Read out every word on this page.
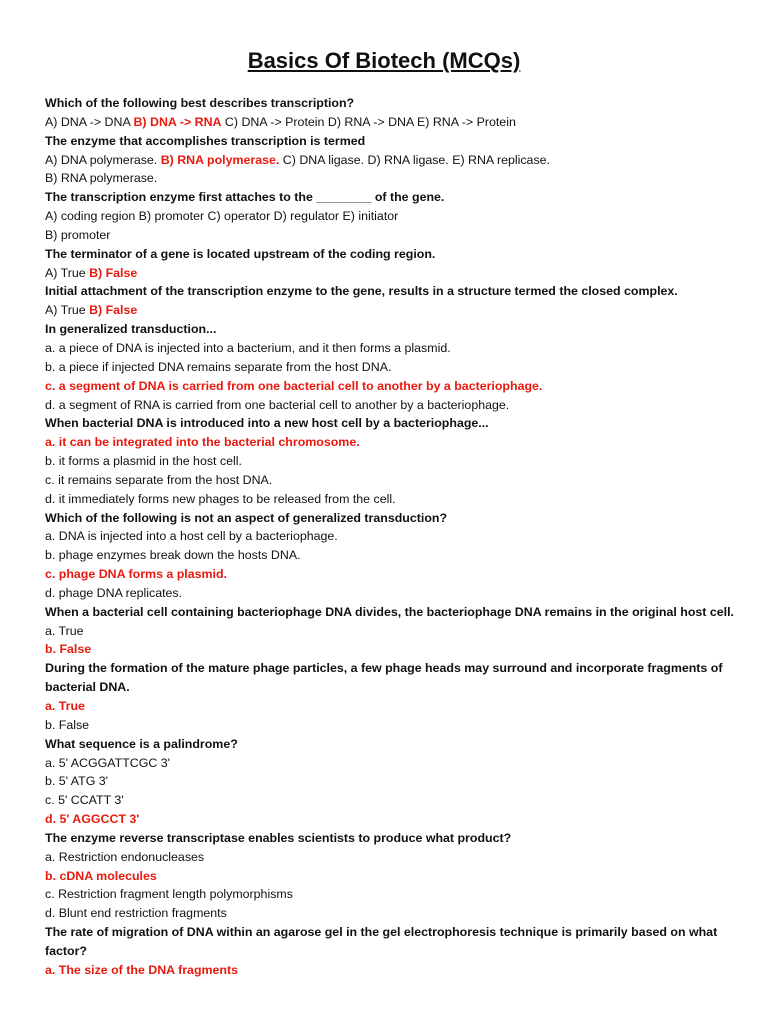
Basics Of Biotech (MCQs)
Which of the following best describes transcription?
A) DNA -> DNA B) DNA -> RNA C) DNA -> Protein D) RNA -> DNA E) RNA -> Protein
The enzyme that accomplishes transcription is termed
A) DNA polymerase. B) RNA polymerase. C) DNA ligase. D) RNA ligase. E) RNA replicase.
B) RNA polymerase.
The transcription enzyme first attaches to the ________ of the gene.
A) coding region B) promoter C) operator D) regulator E) initiator
B) promoter
The terminator of a gene is located upstream of the coding region.
A) True B) False
Initial attachment of the transcription enzyme to the gene, results in a structure termed the closed complex.
A) True B) False
In generalized transduction...
a. a piece of DNA is injected into a bacterium, and it then forms a plasmid.
b. a piece if injected DNA remains separate from the host DNA.
c. a segment of DNA is carried from one bacterial cell to another by a bacteriophage.
d. a segment of RNA is carried from one bacterial cell to another by a bacteriophage.
When bacterial DNA is introduced into a new host cell by a bacteriophage...
a. it can be integrated into the bacterial chromosome.
b. it forms a plasmid in the host cell.
c. it remains separate from the host DNA.
d. it immediately forms new phages to be released from the cell.
Which of the following is not an aspect of generalized transduction?
a. DNA is injected into a host cell by a bacteriophage.
b. phage enzymes break down the hosts DNA.
c. phage DNA forms a plasmid.
d. phage DNA replicates.
When a bacterial cell containing bacteriophage DNA divides, the bacteriophage DNA remains in the original host cell.
a. True
b. False
During the formation of the mature phage particles, a few phage heads may surround and incorporate fragments of bacterial DNA.
a. True
b. False
What sequence is a palindrome?
a. 5' ACGGATTCGC 3'
b. 5' ATG 3'
c. 5' CCATT 3'
d. 5' AGGCCT 3'
The enzyme reverse transcriptase enables scientists to produce what product?
a. Restriction endonucleases
b. cDNA molecules
c. Restriction fragment length polymorphisms
d. Blunt end restriction fragments
The rate of migration of DNA within an agarose gel in the gel electrophoresis technique is primarily based on what factor?
a. The size of the DNA fragments
